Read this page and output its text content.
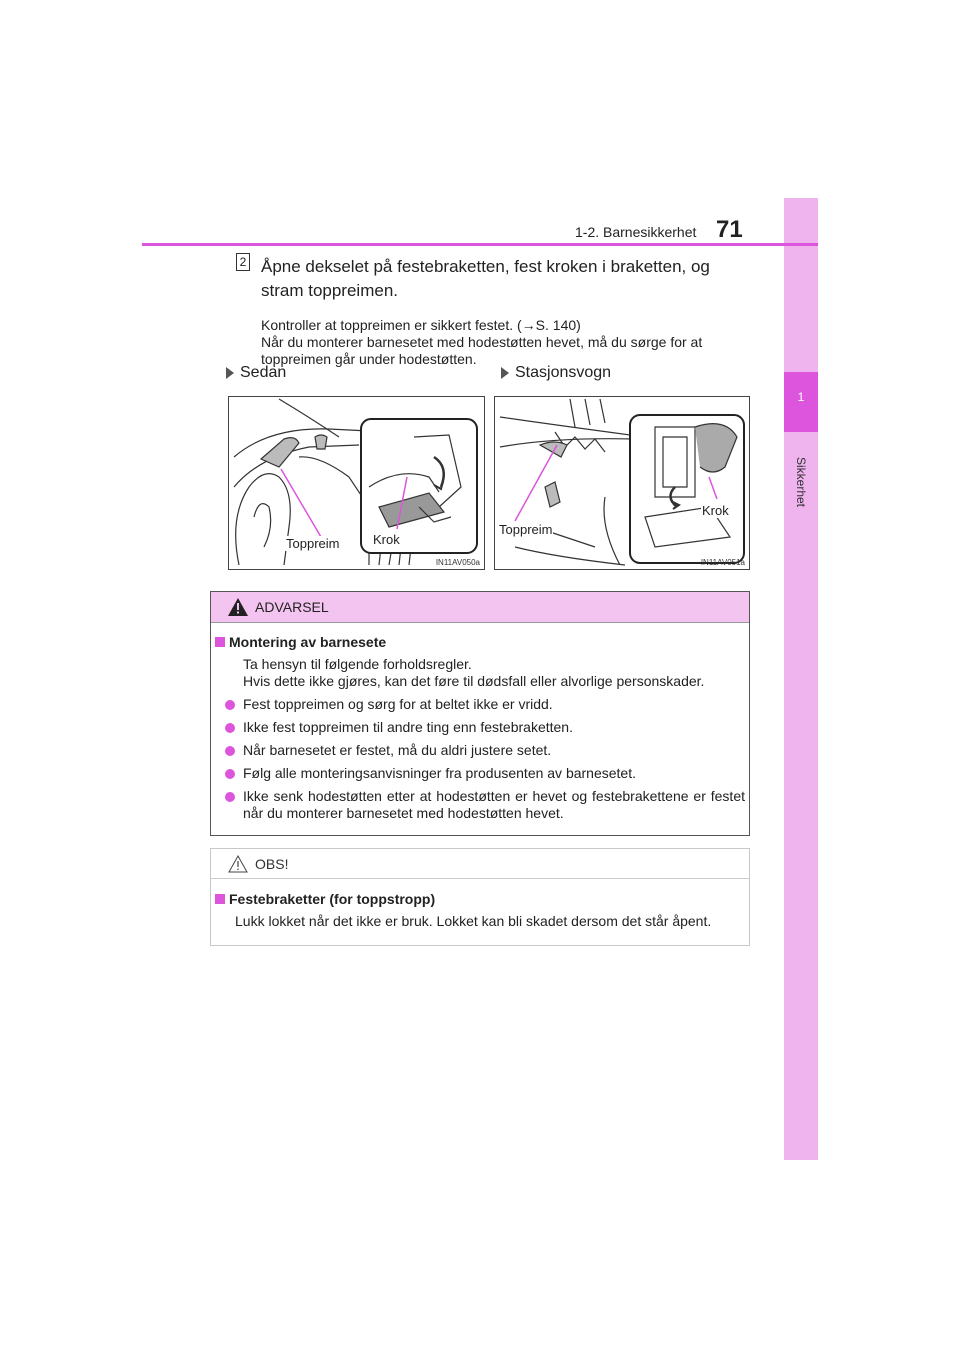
1
Sikkerhet
1-2. Barnesikkerhet 71
2 Åpne dekselet på festebraketten, fest kroken i braketten, og stram toppreimen.
Kontroller at toppreimen er sikkert festet. (→S. 140)
Når du monterer barnesetet med hodestøtten hevet, må du sørge for at toppreimen går under hodestøtten.
Sedan	Stasjonsvogn
Toppreim	Krok
IN11AV050a
Toppreim
Krok
IN11AV051a
ADVARSEL
Montering av barnesete
Ta hensyn til følgende forholdsregler.
Hvis dette ikke gjøres, kan det føre til dødsfall eller alvorlige personskader.
Fest toppreimen og sørg for at beltet ikke er vridd.
Ikke fest toppreimen til andre ting enn festebraketten.
Når barnesetet er festet, må du aldri justere setet.
Følg alle monteringsanvisninger fra produsenten av barnesetet.
Ikke senk hodestøtten etter at hodestøtten er hevet og festebrakettene er festet når du monterer barnesetet med hodestøtten hevet.
OBS!
Festebraketter (for toppstropp)
Lukk lokket når det ikke er bruk. Lokket kan bli skadet dersom det står åpent.
